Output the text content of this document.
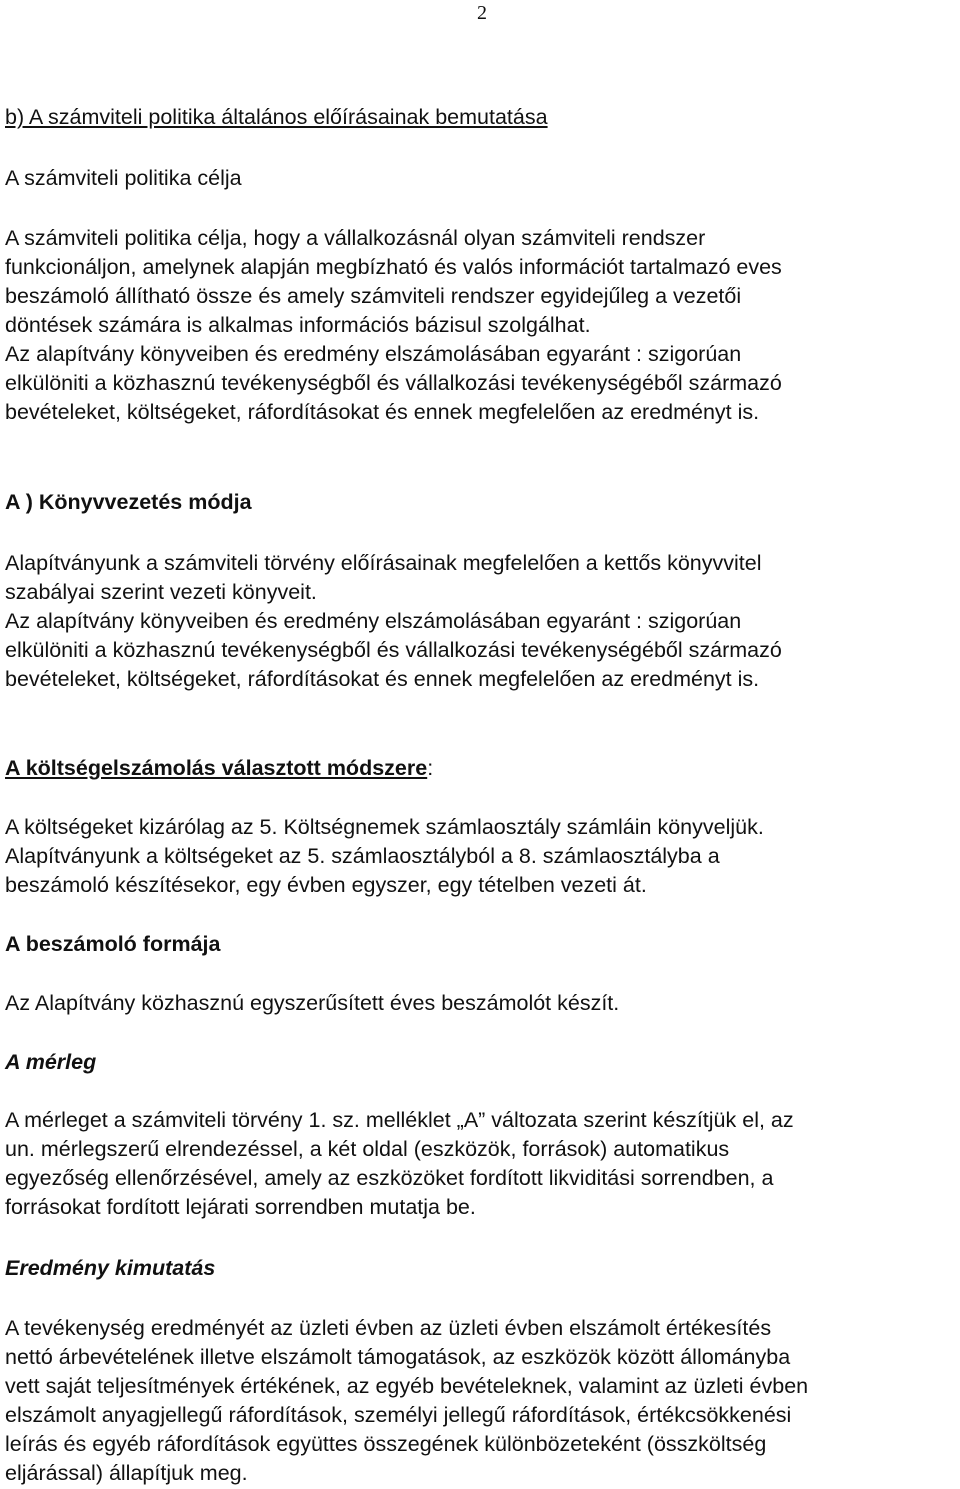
2

b) A számviteli politika általános előírásainak bemutatása

A számviteli politika célja

A számviteli politika célja, hogy a vállalkozásnál olyan számviteli rendszer
funkcionáljon, amelynek alapján megbízható és valós információt tartalmazó eves
beszámoló állítható össze és amely számviteli rendszer egyidejűleg a vezetői
döntések számára is alkalmas információs bázisul szolgálhat.
Az alapítvány könyveiben és eredmény elszámolásában egyaránt : szigorúan
elkülöniti a közhasznú tevékenységből és vállalkozási tevékenységéből származó
bevételeket, költségeket, ráfordításokat és ennek megfelelően az eredményt is.

A ) Könyvvezetés módja

Alapítványunk a számviteli törvény előírásainak megfelelően a kettős könyvvitel
szabályai szerint vezeti könyveit.
Az alapítvány könyveiben és eredmény elszámolásában egyaránt : szigorúan
elkülöniti a közhasznú tevékenységből és vállalkozási tevékenységéből származó
bevételeket, költségeket, ráfordításokat és ennek megfelelően az eredményt is.

A költségelszámolás választott módszere:

A költségeket kizárólag az 5. Költségnemek számlaosztály számláin könyveljük.
Alapítványunk a költségeket az 5. számlaosztályból a 8. számlaosztályba a
beszámoló készítésekor, egy évben egyszer, egy tételben vezeti át.

A beszámoló formája

Az Alapítvány közhasznú egyszerűsített éves beszámolót készít.

A mérleg

A mérleget a számviteli törvény 1. sz. melléklet „A” változata szerint készítjük el, az
un. mérlegszerű elrendezéssel, a két oldal (eszközök, források) automatikus
egyezőség ellenőrzésével, amely az eszközöket fordított likviditási sorrendben, a
forrásokat fordított lejárati sorrendben mutatja be.

Eredmény kimutatás

A tevékenység eredményét az üzleti évben az üzleti évben elszámolt értékesítés
nettó árbevételének illetve elszámolt támogatások, az eszközök között állományba
vett saját teljesítmények értékének, az egyéb bevételeknek, valamint az üzleti évben
elszámolt anyagjellegű ráfordítások, személyi jellegű ráfordítások, értékcsökkenési
leírás és egyéb ráfordítások együttes összegének különbözeteként (összköltség
eljárással) állapítjuk meg.
